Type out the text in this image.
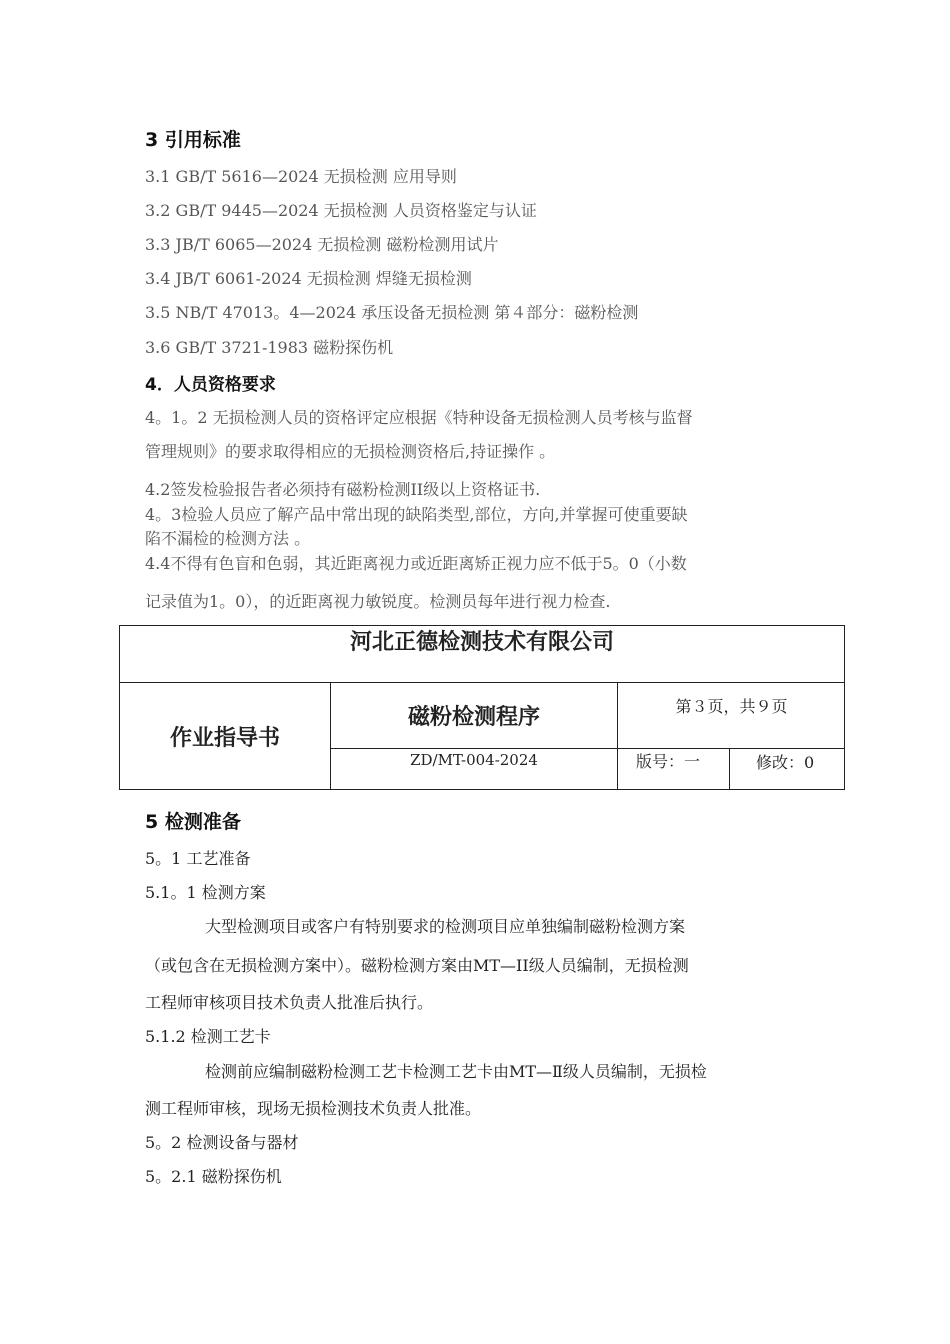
3 引用标准
3.1 GB/T 5616—2024 无损检测 应用导则
3.2 GB/T 9445—2024 无损检测 人员资格鉴定与认证
3.3 JB/T 6065—2024 无损检测 磁粉检测用试片
3.4 JB/T 6061-2024 无损检测 焊缝无损检测
3.5 NB/T 47013。4—2024 承压设备无损检测 第４部分：磁粉检测
3.6 GB/T 3721-1983 磁粉探伤机
4．人员资格要求
4。1。2 无损检测人员的资格评定应根据《特种设备无损检测人员考核与监督
管理规则》的要求取得相应的无损检测资格后,持证操作 。
4.2签发检验报告者必须持有磁粉检测II级以上资格证书.
4。3检验人员应了解产品中常出现的缺陷类型,部位，方向,并掌握可使重要缺
陷不漏检的检测方法 。
4.4不得有色盲和色弱，其近距离视力或近距离矫正视力应不低于5。0（小数
记录值为1。0），的近距离视力敏锐度。检测员每年进行视力检查.
河北正德检测技术有限公司
作业指导书
磁粉检测程序	第３页，共９页
ZD/MT-004-2024	版号：一	修改：0
5 检测准备
5。1 工艺准备
5.1。1 检测方案
大型检测项目或客户有特别要求的检测项目应单独编制磁粉检测方案
（或包含在无损检测方案中）。磁粉检测方案由MT—II级人员编制，无损检测
工程师审核项目技术负责人批准后执行。
5.1.2 检测工艺卡
检测前应编制磁粉检测工艺卡检测工艺卡由MT—Ⅱ级人员编制，无损检
测工程师审核，现场无损检测技术负责人批准。
5。2 检测设备与器材
5。2.1 磁粉探伤机
